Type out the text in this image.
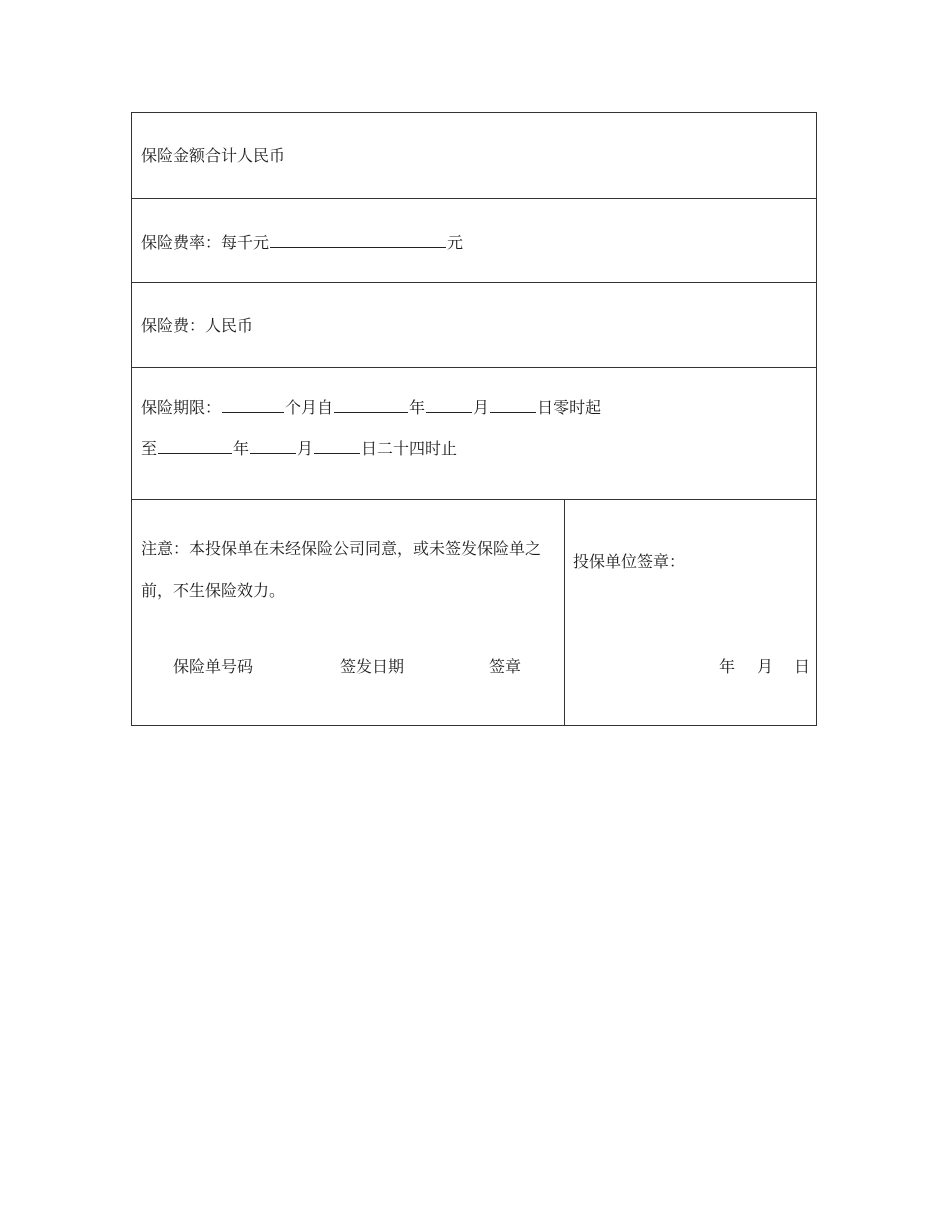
保险金额合计人民币
保险费率：每千元	元
保险费：人民币
保险期限：	个月自	年	月	日零时起
至	年	月	日二十四时止
注意：本投保单在未经保险公司同意，或未签发保险单之前，不生保险效力。
保险单号码	签发日期	签章
投保单位签章：
年 月 日
